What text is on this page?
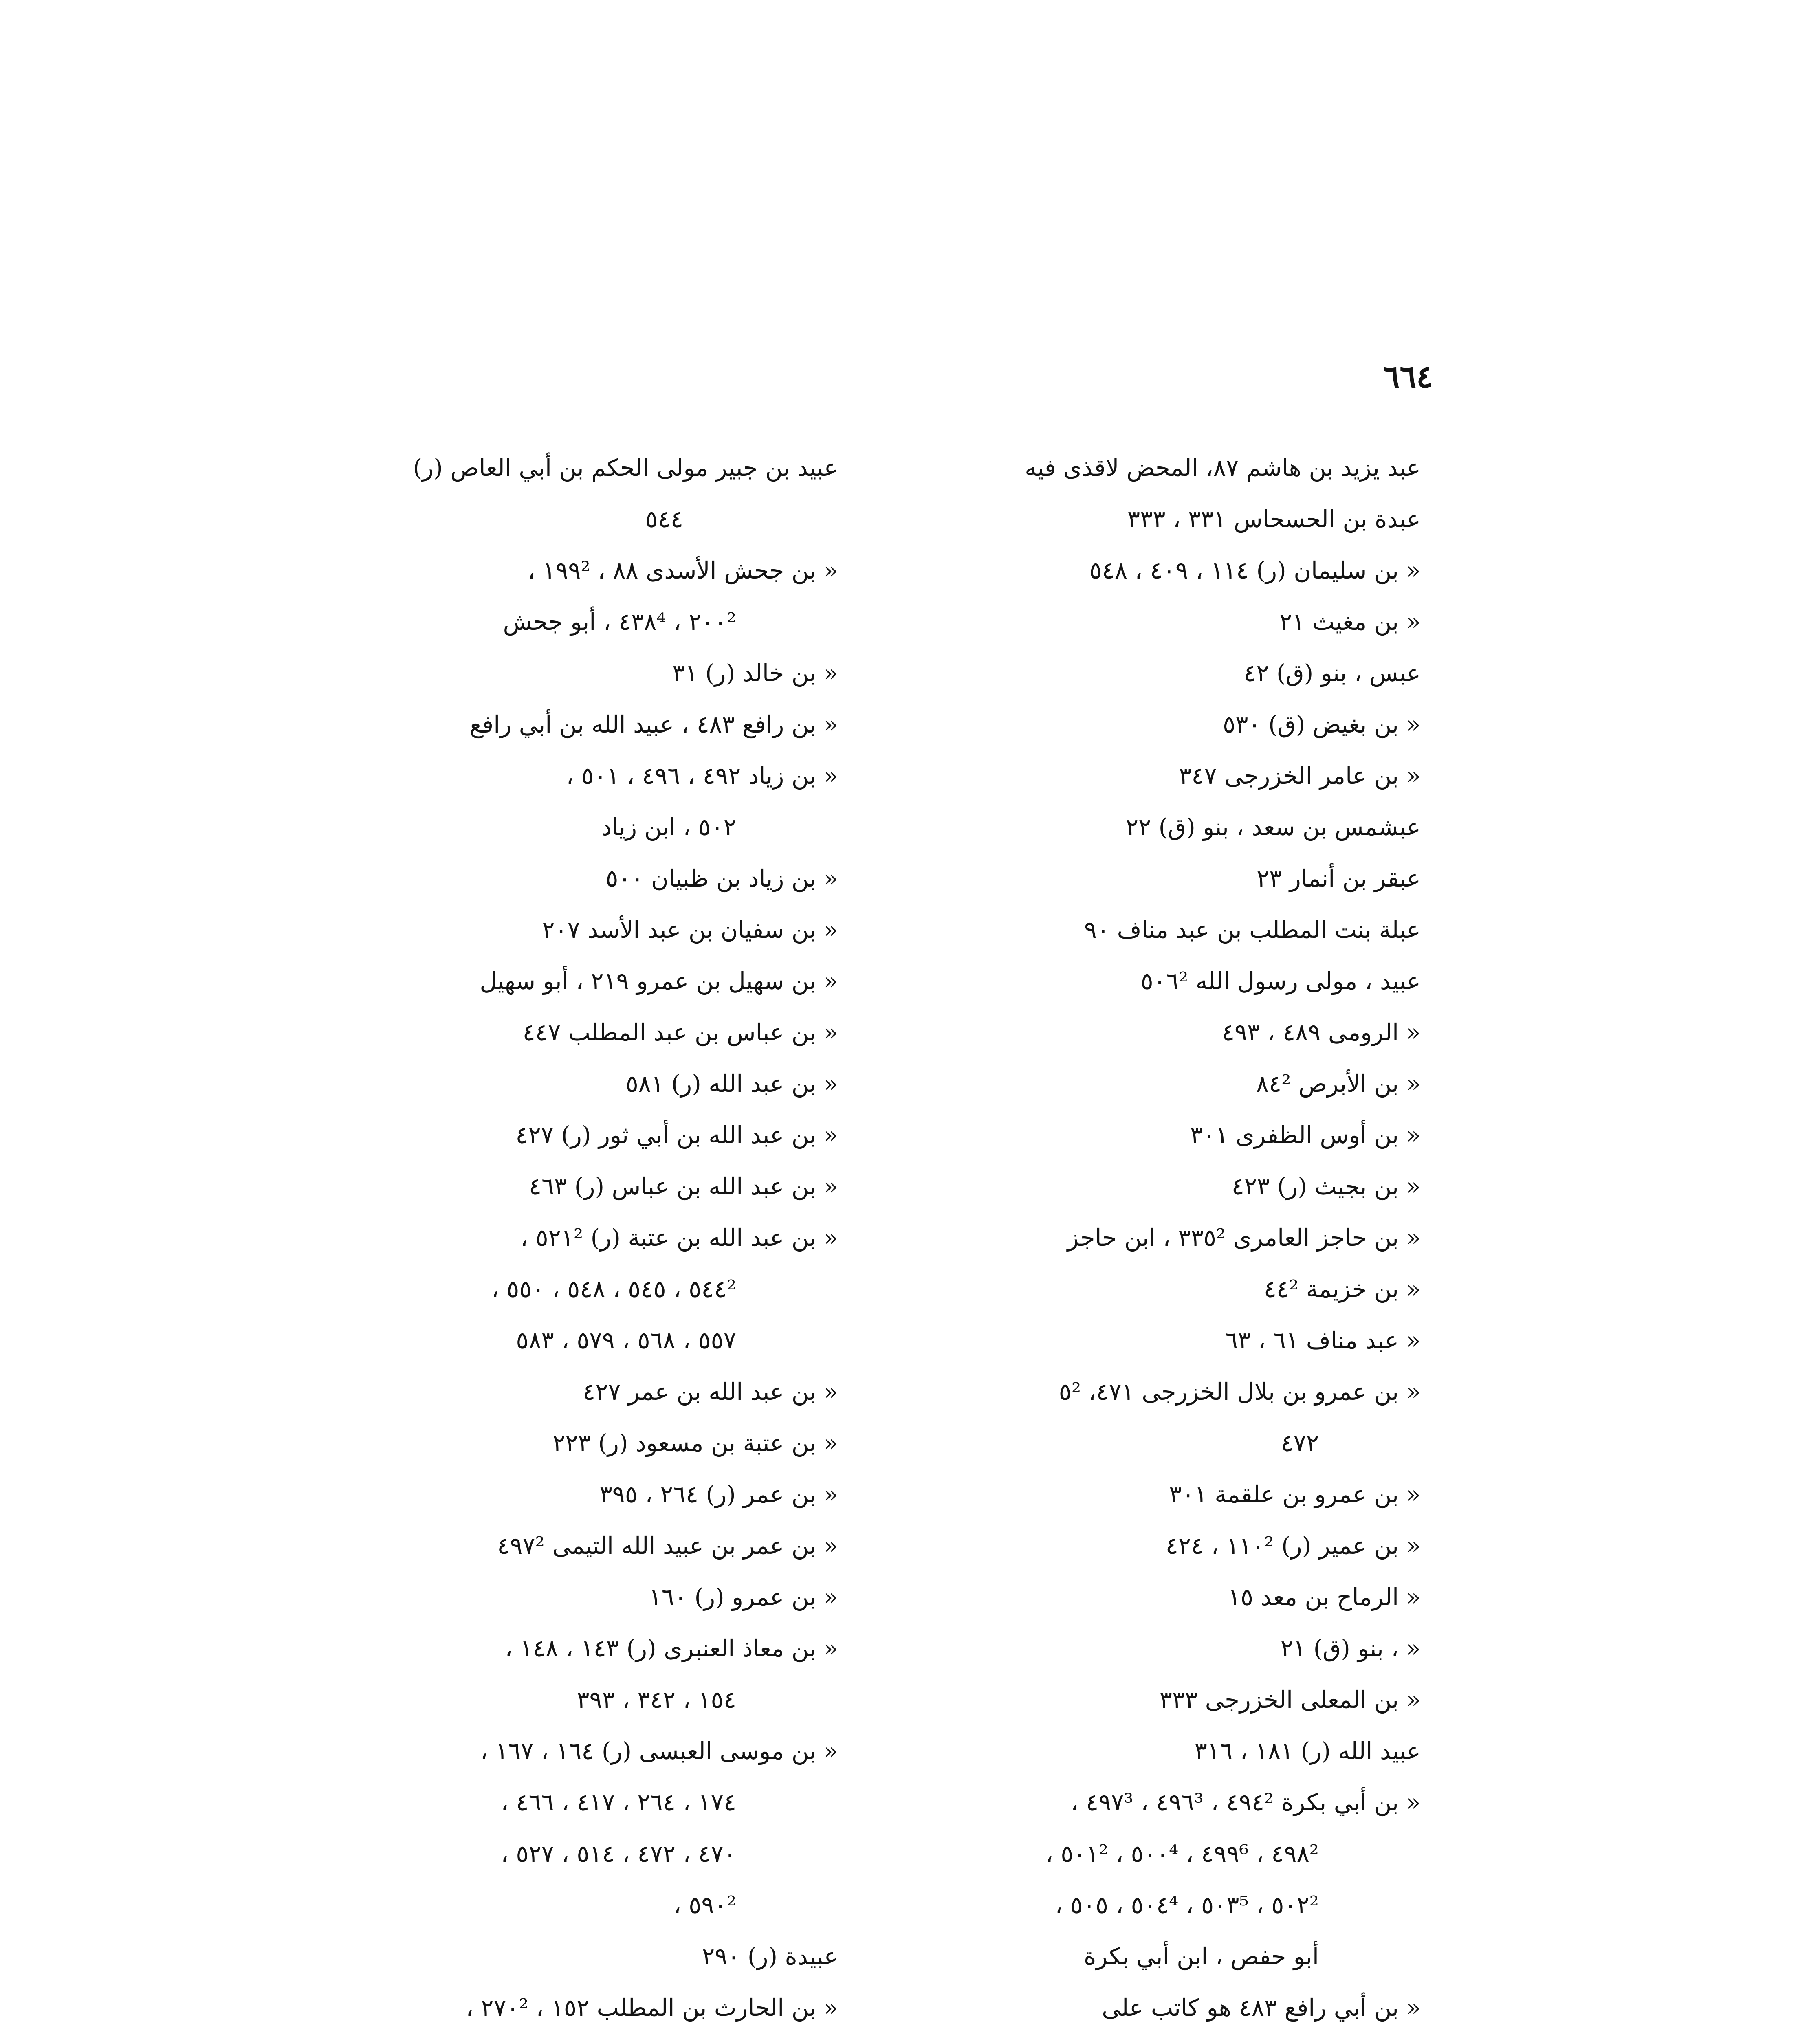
٦٦٤
عبد يزيد بن هاشم ٨٧، المحض لاقذى فيه
عبدة بن الحسحاس ٣٣١ ، ٣٣٣
« بن سليمان (ر) ١١٤ ، ٤٠٩ ، ٥٤٨
« بن مغيث ٢١
عبس ، بنو (ق) ٤٢
« بن بغيض (ق) ٥٣٠
« بن عامر الخزرجى ٣٤٧
عبشمس بن سعد ، بنو (ق) ٢٢
عبقر بن أنمار ٢٣
عبلة بنت المطلب بن عبد مناف ٩٠
عبيد ، مولى رسول الله ٥٠٦²
« الرومى ٤٨٩ ، ٤٩٣
« بن الأبرص ٨٤²
« بن أوس الظفرى ٣٠١
« بن بجيث (ر) ٤٢٣
« بن حاجز العامرى ٣٣٥² ، ابن حاجز
« بن خزيمة ٤٤²
« عبد مناف ٦١ ، ٦٣
« بن عمرو بن بلال الخزرجى ٤٧١، ٥²
٤٧٢
« بن عمرو بن علقمة ٣٠١
« بن عمير (ر) ١١٠² ، ٤٢٤
« الرماح بن معد ١٥
« ، بنو (ق) ٢١
« بن المعلى الخزرجى ٣٣٣
عبيد الله (ر) ١٨١ ، ٣١٦
« بن أبي بكرة ٤٩٤² ، ٤٩٦³ ، ٤٩٧³ ،
٤٩٨² ، ٤٩٩⁶ ، ٥٠٠⁴ ، ٥٠١² ،
٥٠٢² ، ٥٠٣⁵ ، ٥٠٤⁴ ، ٥٠٥ ،
أبو حفص ، ابن أبي بكرة
« بن أبي رافع ٤٨٣ هو كاتب على
عبيد بن جبير مولى الحكم بن أبي العاص (ر)
٥٤٤
« بن جحش الأسدى ٨٨ ، ١٩٩² ،
٢٠٠² ، ٤٣٨⁴ ، أبو جحش
« بن خالد (ر) ٣١
« بن رافع ٤٨٣ ، عبيد الله بن أبي رافع
« بن زياد ٤٩٢ ، ٤٩٦ ، ٥٠١ ،
٥٠٢ ، ابن زياد
« بن زياد بن ظبيان ٥٠٠
« بن سفيان بن عبد الأسد ٢٠٧
« بن سهيل بن عمرو ٢١٩ ، أبو سهيل
« بن عباس بن عبد المطلب ٤٤٧
« بن عبد الله (ر) ٥٨١
« بن عبد الله بن أبي ثور (ر) ٤٢٧
« بن عبد الله بن عباس (ر) ٤٦٣
« بن عبد الله بن عتبة (ر) ٥٢١² ،
٥٤٤² ، ٥٤٥ ، ٥٤٨ ، ٥٥٠ ،
٥٥٧ ، ٥٦٨ ، ٥٧٩ ، ٥٨٣
« بن عبد الله بن عمر ٤٢٧
« بن عتبة بن مسعود (ر) ٢٢٣
« بن عمر (ر) ٢٦٤ ، ٣٩٥
« بن عمر بن عبيد الله التيمى ٤٩٧²
« بن عمرو (ر) ١٦٠
« بن معاذ العنبرى (ر) ١٤٣ ، ١٤٨ ،
١٥٤ ، ٣٤٢ ، ٣٩٣
« بن موسى العبسى (ر) ١٦٤ ، ١٦٧ ،
١٧٤ ، ٢٦٤ ، ٤١٧ ، ٤٦٦ ،
٤٧٠ ، ٤٧٢ ، ٥١٤ ، ٥٢٧ ،
٥٩٠² ،
عبيدة (ر) ٢٩٠
« بن الحارث بن المطلب ١٥٢ ، ٢٧٠² ،
